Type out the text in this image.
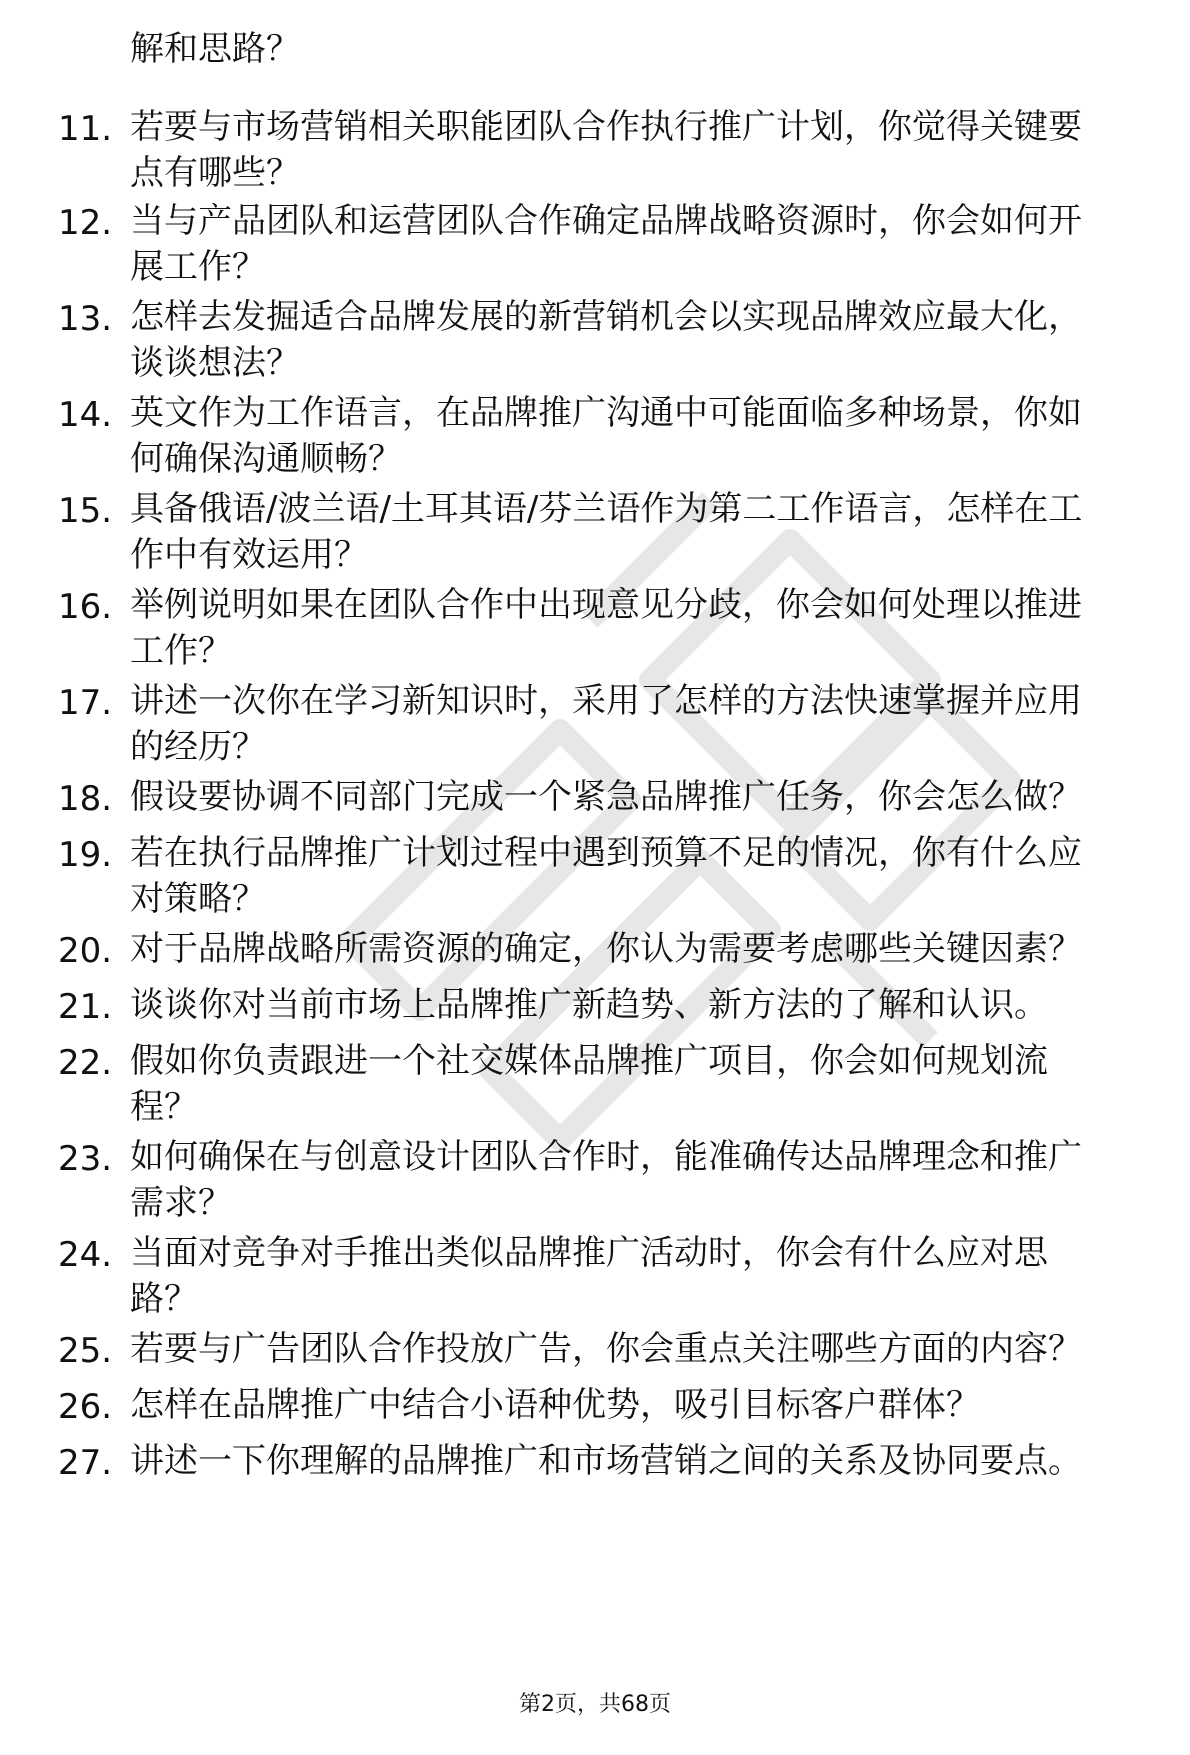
解和思路？
11. 若要与市场营销相关职能团队合作执行推广计划，你觉得关键要
点有哪些？
12. 当与产品团队和运营团队合作确定品牌战略资源时，你会如何开
展工作？
13. 怎样去发掘适合品牌发展的新营销机会以实现品牌效应最大化，
谈谈想法？
14. 英文作为工作语言，在品牌推广沟通中可能面临多种场景，你如
何确保沟通顺畅？
15. 具备俄语/波兰语/土耳其语/芬兰语作为第二工作语言，怎样在工
作中有效运用？
16. 举例说明如果在团队合作中出现意见分歧，你会如何处理以推进
工作？
17. 讲述一次你在学习新知识时，采用了怎样的方法快速掌握并应用
的经历？
18. 假设要协调不同部门完成一个紧急品牌推广任务，你会怎么做？
19. 若在执行品牌推广计划过程中遇到预算不足的情况，你有什么应
对策略？
20. 对于品牌战略所需资源的确定，你认为需要考虑哪些关键因素？
21. 谈谈你对当前市场上品牌推广新趋势、新方法的了解和认识。
22. 假如你负责跟进一个社交媒体品牌推广项目，你会如何规划流
程？
23. 如何确保在与创意设计团队合作时，能准确传达品牌理念和推广
需求？
24. 当面对竞争对手推出类似品牌推广活动时，你会有什么应对思
路？
25. 若要与广告团队合作投放广告，你会重点关注哪些方面的内容？
26. 怎样在品牌推广中结合小语种优势，吸引目标客户群体？
27. 讲述一下你理解的品牌推广和市场营销之间的关系及协同要点。
第2页，共68页
